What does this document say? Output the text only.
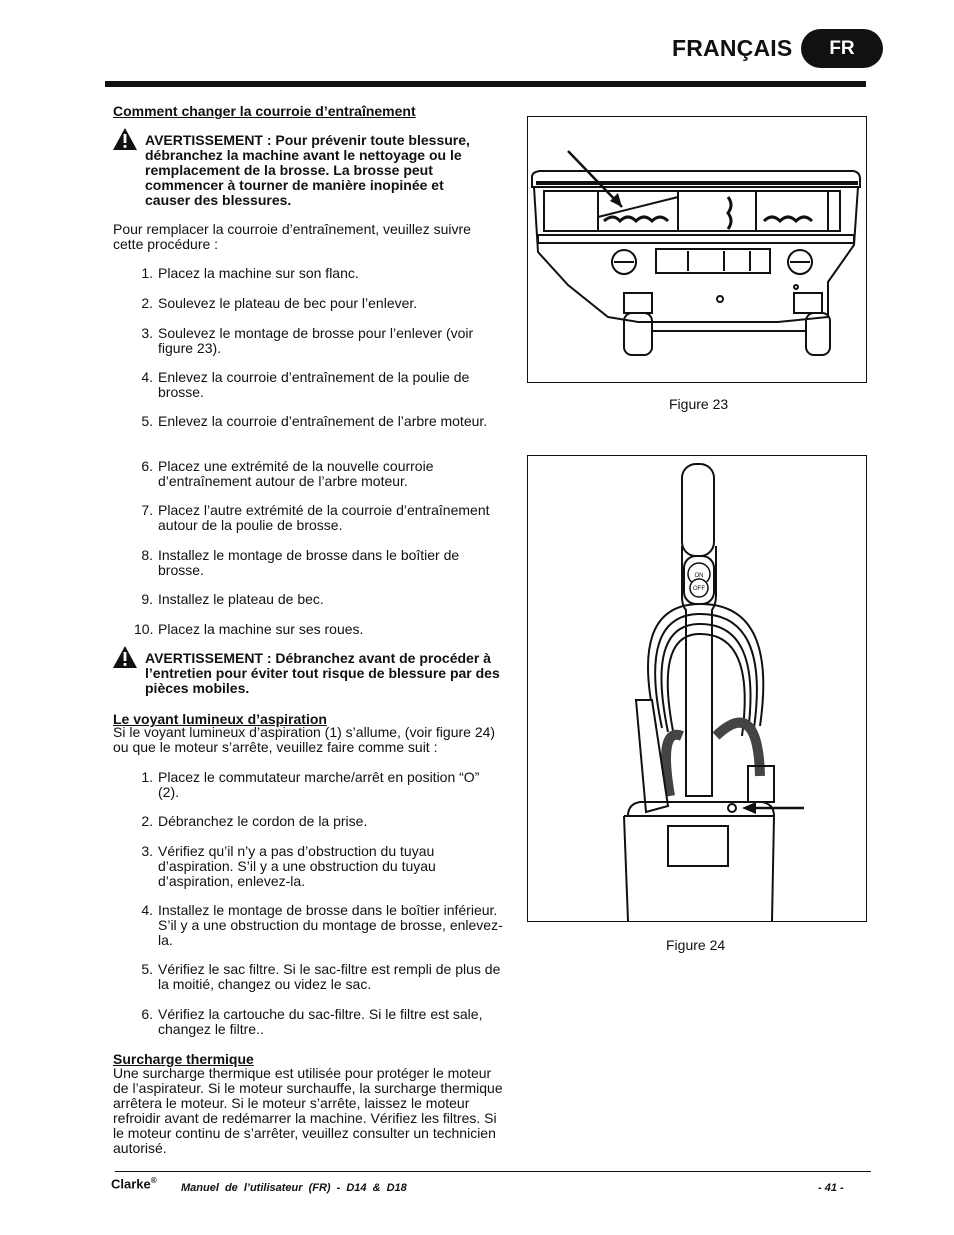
FRANÇAIS	FR
Comment changer la courroie d’entraînement
AVERTISSEMENT : Pour prévenir toute blessure, débranchez la machine avant le nettoyage ou le remplacement de la brosse. La brosse peut commencer à tourner de manière inopinée et causer des blessures.
Pour remplacer la courroie d’entraînement, veuillez suivre cette procédure :
1. Placez la machine sur son flanc.
2. Soulevez le plateau de bec pour l’enlever.
3. Soulevez le montage de brosse pour l’enlever (voir figure 23).
4. Enlevez la courroie d’entraînement de la poulie de brosse.
5. Enlevez la courroie d’entraînement de l’arbre moteur.
6. Placez une extrémité de la nouvelle courroie d’entraînement autour de l’arbre moteur.
7. Placez l’autre extrémité de la courroie d’entraînement autour de la poulie de brosse.
8. Installez le montage de brosse dans le boîtier de brosse.
9. Installez le plateau de bec.
10. Placez la machine sur ses roues.
AVERTISSEMENT : Débranchez avant de procéder à l’entretien pour éviter tout risque de blessure par des pièces mobiles.
Le voyant lumineux d’aspiration
Si le voyant lumineux d’aspiration (1) s’allume, (voir figure 24) ou que le moteur s’arrête, veuillez faire comme suit :
1. Placez le commutateur marche/arrêt en position “O” (2).
2. Débranchez le cordon de la prise.
3. Vérifiez qu’il n’y a pas d’obstruction du tuyau d’aspiration. S’il y a une obstruction du tuyau d’aspiration, enlevez-la.
4. Installez le montage de brosse dans le boîtier inférieur. S’il y a une obstruction du montage de brosse, enlevez-la.
5. Vérifiez le sac filtre. Si le sac-filtre est rempli de plus de la moitié, changez ou videz le sac.
6. Vérifiez la cartouche du sac-filtre. Si le filtre est sale, changez le filtre..
Surcharge thermique
Une surcharge thermique est utilisée pour protéger le moteur de l’aspirateur. Si le moteur surchauffe, la surcharge thermique arrêtera le moteur. Si le moteur s’arrête, laissez le moteur refroidir avant de redémarrer la machine. Vérifiez les filtres. Si le moteur continu de s’arrêter, veuillez consulter un technicien autorisé.
Figure 23
ON
OFF
Figure 24
Clarke®
Manuel de l’utilisateur (FR) - D14 & D18	- 41 -
